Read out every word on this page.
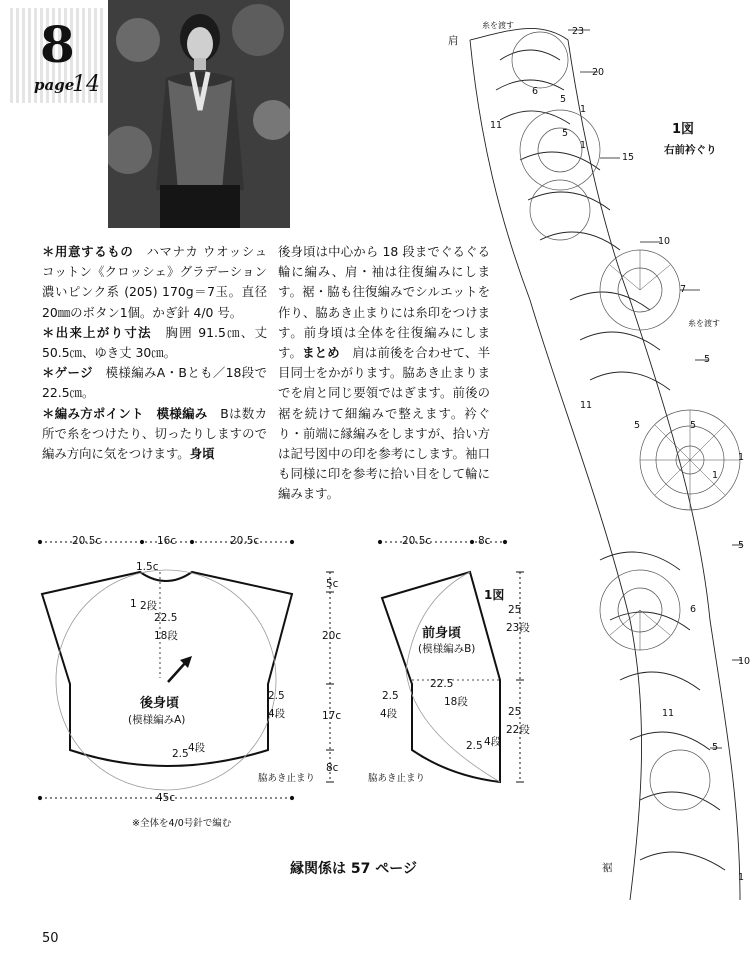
8
page
14

＊用意するもの　 ハマナカ ウオッシュコットン《クロッシェ》グラデーション 濃いピンク系 (205) 170g＝7玉。直径 20㎜のボタン1個。かぎ針 4/0 号。

＊出来上がり寸法　 胸囲 91.5㎝、丈 50.5㎝、ゆき丈 30㎝。

＊ゲージ　 模様編みA・Bとも／18段で 22.5㎝。

＊編み方ポイント　 模様編み　 Bは数カ所で糸をつけたり、切ったりしますので編み方向に気をつけます。身頃

後身頃は中心から 18 段までぐるぐる輪に編み、肩・袖は往復編みにします。裾・脇も往復編みでシルエットを作り、脇あき止まりには糸印をつけます。前身頃は全体を往復編みにします。まとめ　 肩は前後を合わせて、半目同士をかがります。脇あき止まりまでを肩と同じ要領ではぎます。前後の裾を続けて細編みで整えます。衿ぐり・前端に縁編みをしますが、拾い方は記号図中の印を参考にします。袖口も同様に印を参考に拾い目をして輪に編みます。

20.5c	16c	20.5c
1.5c
1 2段
22.5
18段
後身頃
(模様編みA)
2.5
4段
2.5 4段
脇あき止まり
45c
5c
20c
17c
8c
20.5c	8c
1図
前身頃
(模様編みB)
22.5
18段
2.5
4段
2.5 4段
脇あき止まり
25
23段
25
22段
※全体を4/0号針で編む
1図
右前衿ぐり
肩
裾
糸を渡す
糸を渡す
23
20
15
10
7
5
1
5
10
5
1
6
5
1
11
5
1
5
11
5
1
6
11
縁関係は 57 ページ
50
